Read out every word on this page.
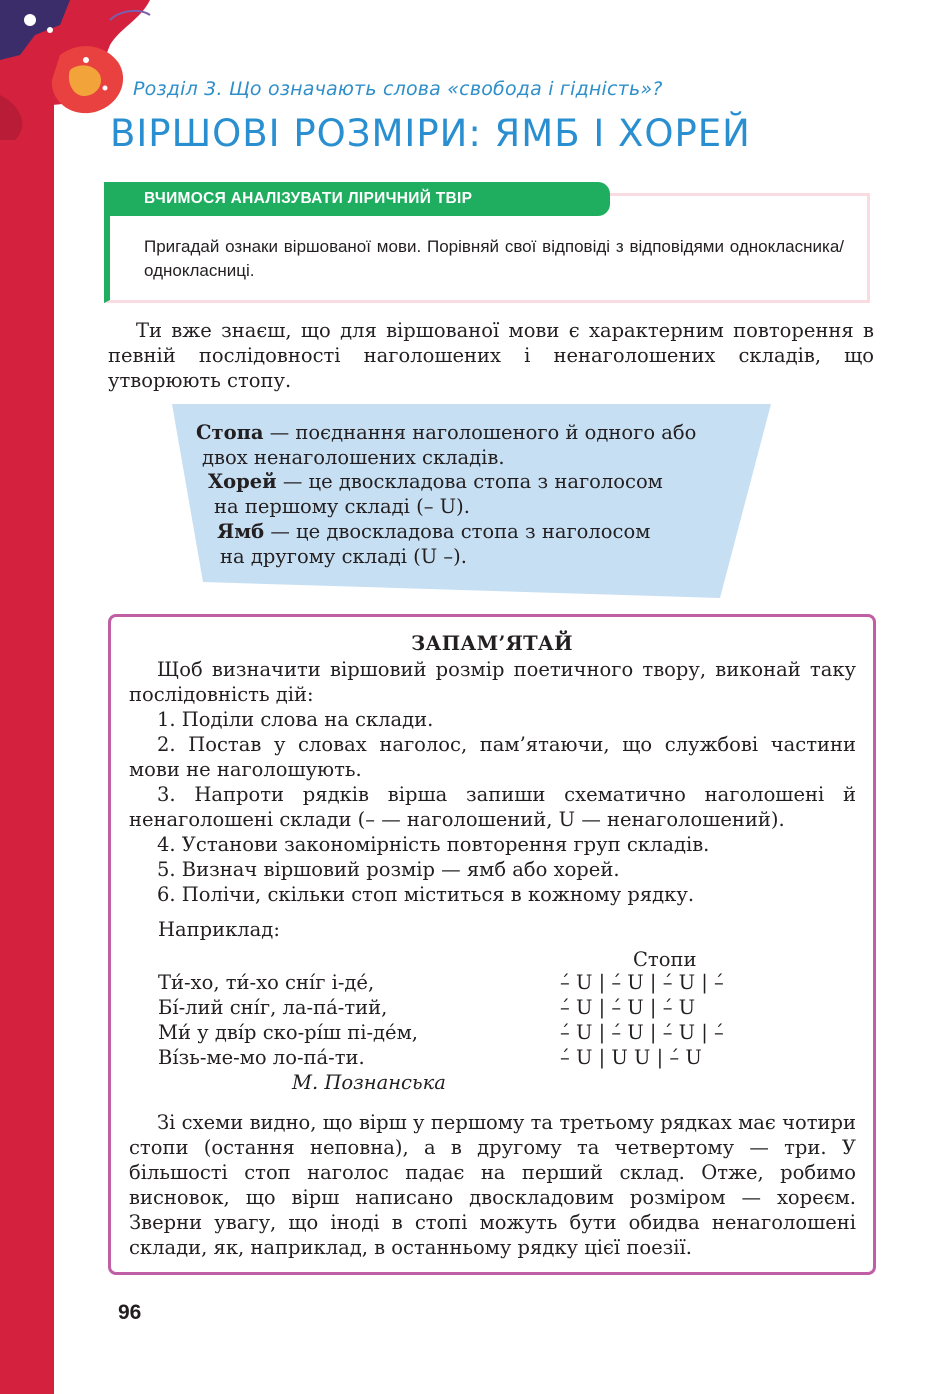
Розділ 3. Що означають слова «свобода і гідність»?
ВІРШОВІ РОЗМІРИ: ЯМБ І ХОРЕЙ
ВЧИМОСЯ АНАЛІЗУВАТИ ЛІРИЧНИЙ ТВІР
Пригадай ознаки віршованої мови. Порівняй свої відповіді з відповідями однокласника/однокласниці.

Ти вже знаєш, що для віршованої мови є характерним повторення в певній послідовності наголошених і ненаголошених складів, що утворюють стопу.

Стопа — поєднання наголошеного й одного або
двох ненаголошених складів.
Хорей — це двоскладова стопа з наголосом
на першому складі (– U).
Ямб — це двоскладова стопа з наголосом
на другому складі (U –).
ЗАПАМ’ЯТАЙ

Щоб визначити віршовий розмір поетичного твору, виконай таку послідовність дій:

1. Поділи слова на склади.

2. Постав у словах наголос, пам’ятаючи, що службові частини мови не наголошують.

3. Напроти рядків вірша запиши схематично наголошені й ненаголошені склади (– — наголошений, U — ненаголошений).

4. Установи закономірність повторення груп складів.

5. Визнач віршовий розмір — ямб або хорей.

6. Полічи, скільки стоп міститься в кожному рядку.

Наприклад:
Стопи
Ти́-хо, ти́-хо сні́г і-де́,
Бі́-лий сні́г, ла-па́-тий,
Ми́ у дві́р ско-рі́ш пі-де́м,
Ві́зь-ме-мо ло-па́-ти.
–́ U | –́ U | –́ U | –́
–́ U | –́ U | –́ U
–́ U | –́ U | –́ U | –́
–́ U | U U | –́ U
М. Познанська

Зі схеми видно, що вірш у першому та третьому рядках має чотири стопи (остання неповна), а в другому та четвертому — три. У більшості стоп наголос падає на перший склад. Отже, робимо висновок, що вірш написано двоскладовим розміром — хореєм. Зверни увагу, що іноді в стопі можуть бути обидва ненаголошені склади, як, наприклад, в останньому рядку цієї поезії.

96
